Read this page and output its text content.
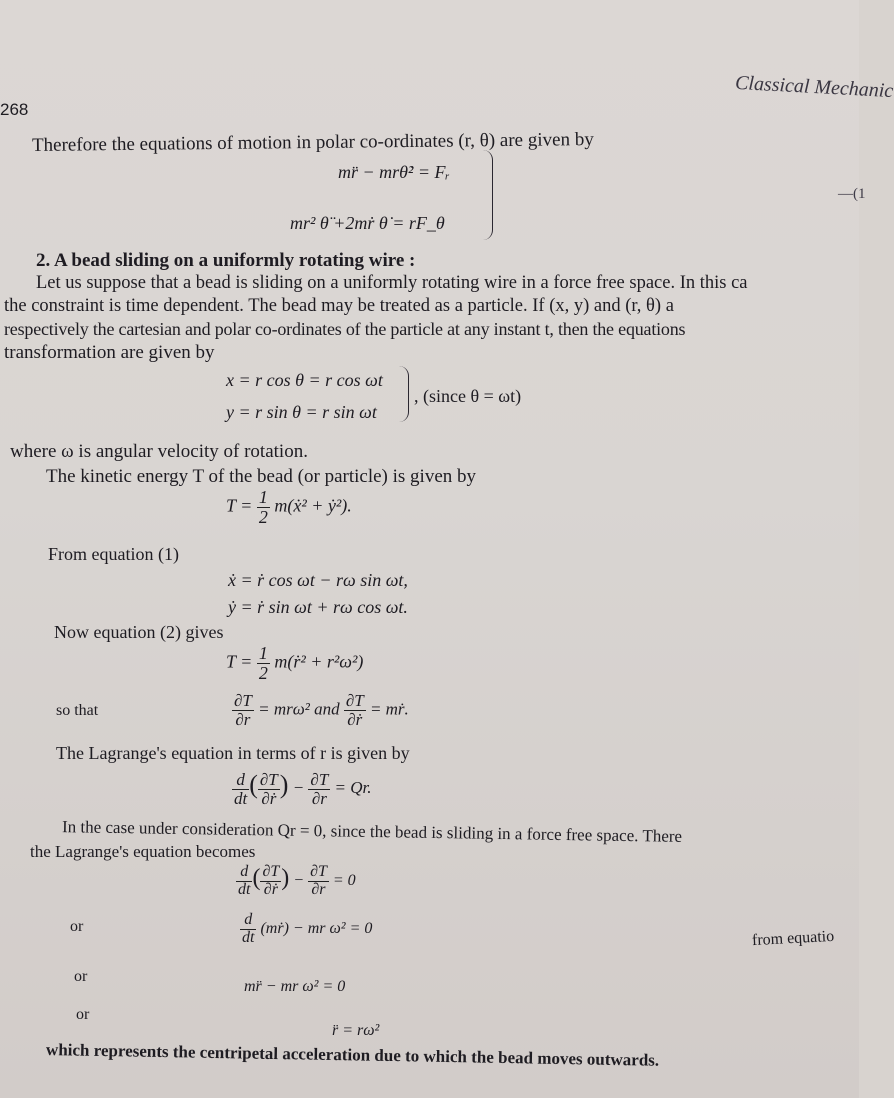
Classical Mechanic
268
Therefore the equations of motion in polar co-ordinates (r, θ) are given by
mr̈ − mrθ̇² = Fᵣ
mr² θ̈ +2mṙ θ̇ = rF_θ
—(1
2. A bead sliding on a uniformly rotating wire :
Let us suppose that a bead is sliding on a uniformly rotating wire in a force free space. In this ca
the constraint is time dependent. The bead may be treated as a particle. If (x, y) and (r, θ) a
respectively the cartesian and polar co-ordinates of the particle at any instant t, then the equations
transformation are given by
x = r cos θ = r cos ωt
y = r sin θ = r sin ωt
, (since θ = ωt)
where ω is angular velocity of rotation.
The kinetic energy T of the bead (or particle) is given by
$T = \frac{1}{2}$ m(ẋ² + ẏ²).
From equation (1)
ẋ = ṙ cos ωt − rω sin ωt,
ẏ = ṙ sin ωt + rω cos ωt.
Now equation (2) gives
$T = \frac{1}{2}$ m(ṙ² + r²ω²)
so that	$\frac{\partial T}{\partial r} = mr\omega^2$ and $\frac{\partial T}{\text{∂ṙ}}$ = mṙ.
The Lagrange's equation in terms of r is given by
$\frac{d}{dt}$ ( $\frac{\partial T}{\text{∂ṙ}}$ ) − $\frac{\partial T}{\partial r} = Qr$.
In the case under consideration Qr = 0, since the bead is sliding in a force free space. There
the Lagrange's equation becomes
$\frac{d}{dt}$ ( $\frac{\partial T}{\text{∂ṙ}}$ ) − $\frac{\partial T}{\partial r} = 0$
or	$\frac{d}{dt}$ (mṙ) − mr ω² = 0	from equatio
or
mr̈ − mr ω² = 0
or
r̈ = rω²
which represents the centripetal acceleration due to which the bead moves outwards.
